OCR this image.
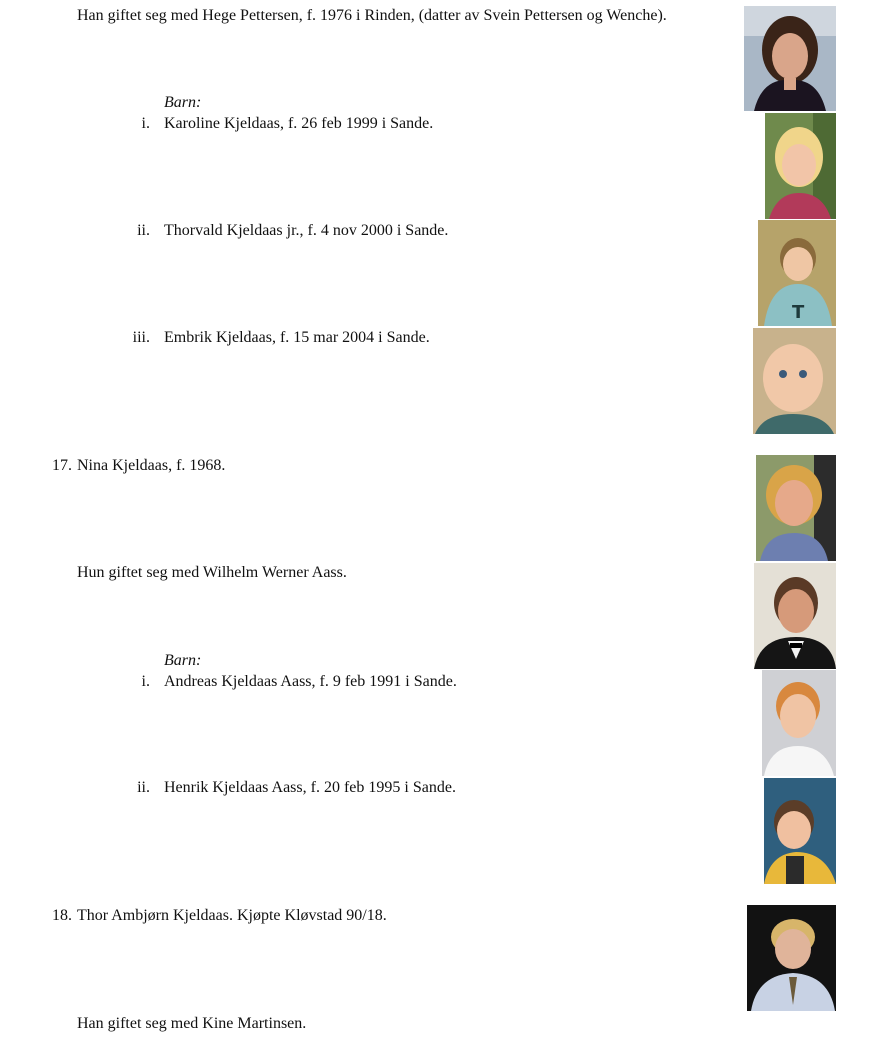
Han giftet seg med Hege Pettersen, f. 1976 i Rinden, (datter av Svein Pettersen og Wenche).
Barn:
i. Karoline Kjeldaas, f. 26 feb 1999 i Sande.
ii. Thorvald Kjeldaas jr., f. 4 nov 2000 i Sande.
iii. Embrik Kjeldaas, f. 15 mar 2004 i Sande.
17. Nina Kjeldaas, f. 1968.
Hun giftet seg med Wilhelm Werner Aass.
Barn:
i. Andreas Kjeldaas Aass, f. 9 feb 1991 i Sande.
ii. Henrik Kjeldaas Aass, f. 20 feb 1995 i Sande.
18. Thor Ambjørn Kjeldaas. Kjøpte Kløvstad 90/18.
Han giftet seg med Kine Martinsen.
T
